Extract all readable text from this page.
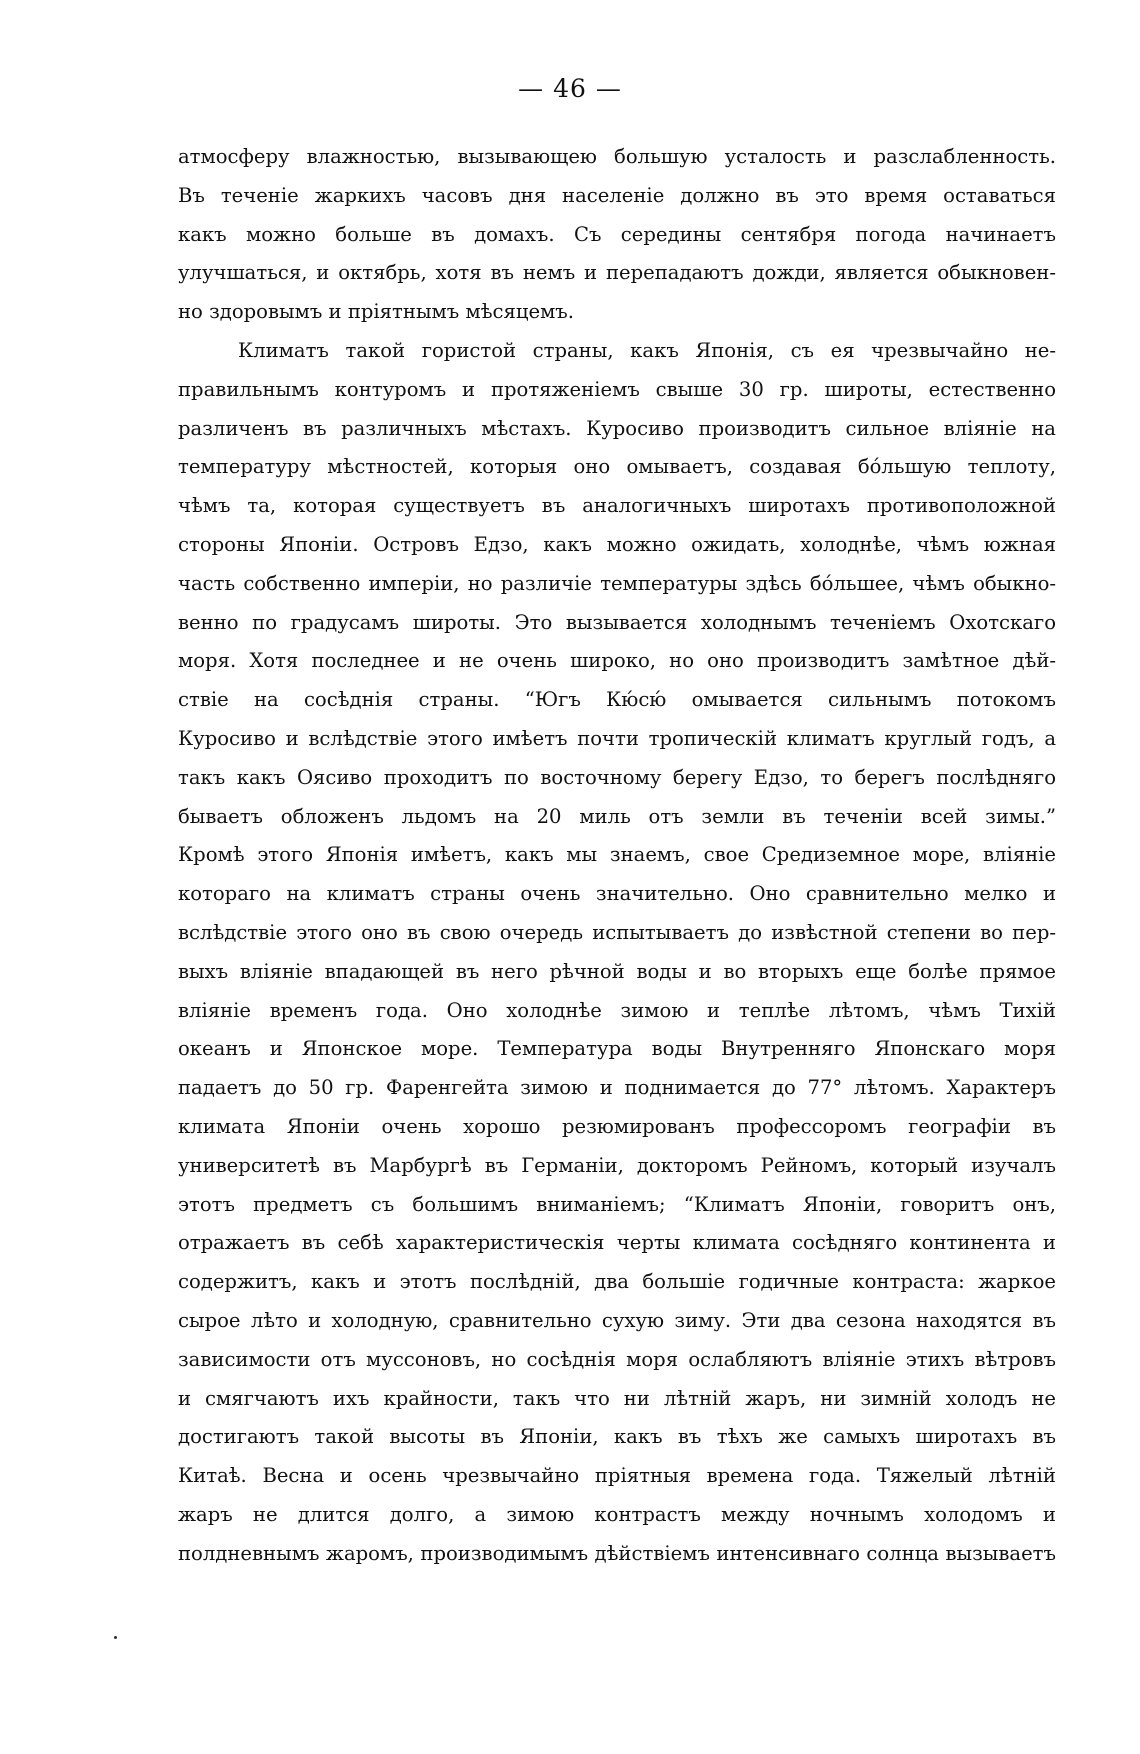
— 46 —
атмосферу влажностью, вызывающею большую усталость и разслабленность.
Въ теченіе жаркихъ часовъ дня населеніе должно въ это время оставаться
какъ можно больше въ домахъ. Съ середины сентября погода начинаетъ
улучшаться, и октябрь, хотя въ немъ и перепадаютъ дожди, является обыкновен-
но здоровымъ и пріятнымъ мѣсяцемъ.
Климатъ такой гористой страны, какъ Японія, съ ея чрезвычайно не-
правильнымъ контуромъ и протяженіемъ свыше 30 гр. широты, естественно
различенъ въ различныхъ мѣстахъ. Куросиво производитъ сильное вліяніе на
температуру мѣстностей, которыя оно омываетъ, создавая бо́льшую теплоту,
чѣмъ та, которая существуетъ въ аналогичныхъ широтахъ противоположной
стороны Японіи. Островъ Едзо, какъ можно ожидать, холоднѣе, чѣмъ южная
часть собственно имперіи, но различіе температуры здѣсь бо́льшее, чѣмъ обыкно-
венно по градусамъ широты. Это вызывается холоднымъ теченіемъ Охотскаго
моря. Хотя последнее и не очень широко, но оно производитъ замѣтное дѣй-
ствіе на сосѣднія страны. “Югъ Кю́сю́ омывается сильнымъ потокомъ
Куросиво и вслѣдствіе этого имѣетъ почти тропическій климатъ круглый годъ, а
такъ какъ Оясиво проходитъ по восточному берегу Едзо, то берегъ послѣдняго
бываетъ обложенъ льдомъ на 20 миль отъ земли въ теченіи всей зимы.”
Кромѣ этого Японія имѣетъ, какъ мы знаемъ, свое Средиземное море, вліяніе
котораго на климатъ страны очень значительно. Оно сравнительно мелко и
вслѣдствіе этого оно въ свою очередь испытываетъ до извѣстной степени во пер-
выхъ вліяніе впадающей въ него рѣчной воды и во вторыхъ еще болѣе прямое
вліяніе временъ года. Оно холоднѣе зимою и теплѣе лѣтомъ, чѣмъ Тихій
океанъ и Японское море. Температура воды Внутренняго Японскаго моря
падаетъ до 50 гр. Фаренгейта зимою и поднимается до 77° лѣтомъ. Характеръ
климата Японіи очень хорошо резюмированъ профессоромъ географіи въ
университетѣ въ Марбургѣ въ Германіи, докторомъ Рейномъ, который изучалъ
этотъ предметъ съ большимъ вниманіемъ; “Климатъ Японіи, говоритъ онъ,
отражаетъ въ себѣ характеристическія черты климата сосѣдняго континента и
содержитъ, какъ и этотъ послѣдній, два большіе годичные контраста: жаркое
сырое лѣто и холодную, сравнительно сухую зиму. Эти два сезона находятся въ
зависимости отъ муссоновъ, но сосѣднія моря ослабляютъ вліяніе этихъ вѣтровъ
и смягчаютъ ихъ крайности, такъ что ни лѣтній жаръ, ни зимній холодъ не
достигаютъ такой высоты въ Японіи, какъ въ тѣхъ же самыхъ широтахъ въ
Китаѣ. Весна и осень чрезвычайно пріятныя времена года. Тяжелый лѣтній
жаръ не длится долго, а зимою контрастъ между ночнымъ холодомъ и
полдневнымъ жаромъ, производимымъ дѣйствіемъ интенсивнаго солнца вызываетъ
